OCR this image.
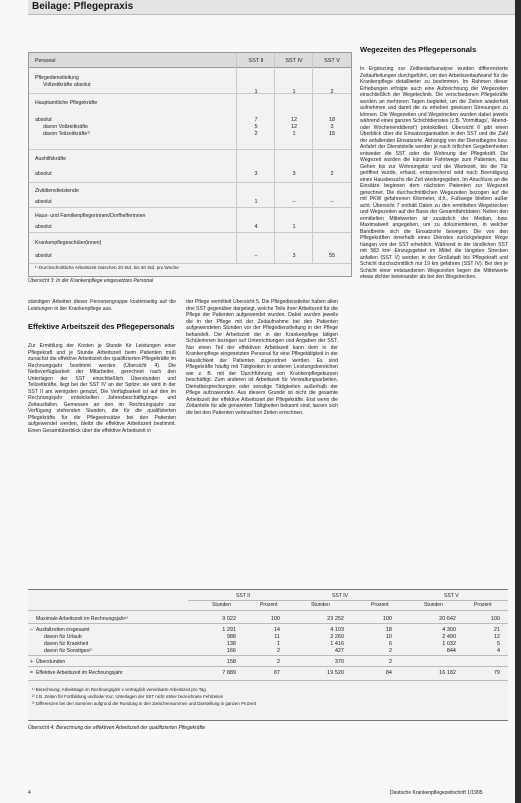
Beilage: Pflegepraxis
Personal	SST II	SST IV	SST V
Pflegedienstleitung
Vollzeitkräfte absolut
1	1	2
Hauptamtliche Pflegekräfte
absolut	7	12	18
davon Vollzeitkräfte	5	12	3
davon Teilzeitkräfte¹⁾	2	1	15
Aushilfskräfte
absolut	3	3	2
Zivildienstleistende
absolut	1	–	–
Haus- und Familienpflegerinnen/Dorfhelferinnen
absolut	4	1
Krankenpflegeschüler(innen)
absolut	–	3	55
¹⁾ Durchschnittliche Arbeitszeit zwischen 20 Std. bis 30 Std. pro Woche
Übersicht 3: In der Krankenpflege eingesetztes Personal

ständigen Arbeiten dieser Personengruppe kostenseitig auf die Leistungen in der Krankenpflege aus.

Effektive Arbeitszeit des Pflegepersonals

Zur Ermittlung der Kosten je Stunde für Leistungen einer Pflegekraft und je Stunde Arbeitszeit beim Patienten muß zunächst die effektive Arbeitszeit der qualifizierten Pflegekräfte im Rechnungsjahr bestimmt werden (Übersicht 4). Die Nettoverfügbarkeit der Mitarbeiter, gerechnet nach den Unterlagen der SST einschließlich Überstunden und Teilzeitkräfte, liegt bei der SST IV an der Spitze; sie wird in der SST II am wenigsten genutzt. Die Verfügbarkeit ist auf den im Rechnungsjahr entwickelten Jahresbeschäftigungs- und Zeitausfallen. Gemessen an den im Rechnungsjahr zur Verfügung stehenden Stunden, die für die qualifizierten Pflegekräfte für die Pflegeeinsätze bei den Patienten aufgewendet werden, bleibt die effektive Arbeitszeit bestimmt. Einen Gesamtüberblick über die effektive Arbeitszeit in

der Pflege vermittelt Übersicht 5. Die Pflegedienstleiter haben allen drei SST gegenüber dargelegt, welche Teile ihrer Arbeitszeit für die Pflege der Patienten aufgewendet wurden. Dabei wurden jeweils die in der Pflege mit der Zeitaufnahme bei den Patienten aufgewendeten Stunden vor der Pflegedienstleitung in der Pflege behandelt. Die Arbeitszeit der in der Krankenpflege tätigen Schülerinnen bezogen auf Unterrichtungen und Angaben der SST. Nur einen Teil der effektiven Arbeitszeit kann dem in der Krankenpflege eingesetzten Personal für eine Pflegetätigkeit in der Häuslichkeit der Patienten zugeordnet werden. Es sind Pflegekräfte häufig mit Tätigkeiten in anderen Leistungsbereichen wie z. B. mit der Durchführung von Krankenpflegekursen beschäftigt. Zum anderen ist Arbeitszeit für Verwaltungsarbeiten, Dienstbesprechungen oder sonstige Tätigkeiten außerhalb der Pflege aufzuwenden. Aus diesem Grunde ist nicht die gesamte Arbeitszeit der effektive Arbeitszeit der Pflegekräfte. Erst wenn die Zeitanteile für alle genannten Tätigkeiten bekannt sind, lassen sich die bei den Patienten verbrachten Zeiten errechnen.

Wegezeiten des Pflegepersonals

In Ergänzung zur Zeitbedarfsanalyse wurden differenzierte Zeitaufteilungen durchgeführt, um den Arbeitszeitaufwand für die Krankenpflege detaillierter zu bestimmen. Im Rahmen dieser Erhebungen erfolgte auch eine Aufzeichnung der Wegezeiten einschließlich der Wegetechnik. Die verschiedenen Pflegekräfte wurden an mehreren Tagen begleitet, um die Zeiten wiederholt aufnehmen und damit die zu erheben gewissen Streuungen zu können. Die Wegezeiten und Wegstrecken wurden dabei jeweils während eines ganzen Schichtdienstes (z.B. 'Vormittags', 'Abend- oder Wochenenddienst') protokolliert. Übersicht 6 gibt einen Überblick über die Einsatzorganisation in den SST und die Zahl der anfallenden Einsatzorte. Abhängig von der Dienstbeginn bzw. Anfahrt der Dienststelle werden je nach örtlichen Gegebenheiten entweder die SST oder die Wohnung der Pflegekräft. Die Wegezeit wurden die kürzeste Fahrtwege zum Patienten, das Gehen bis zur Wohnungstür und die Wartezeit, bis die Tür geöffnet wurde, erfasst, entsprechend wird nach Beendigung eines Hausbesuchs die Zeit wiedergegeben. Im Anschluss an die Einsätze beginnen dem nächsten Patienten zur Wegezeit gerechnet. Die durchschnittlichen Wegezeiten bezogen auf die mit PKW gefahrenen Kilometer, d.h., Fußwege blieben außer acht. Übersicht 7 enthält Daten zu den ermittelten Wegstrecken und Wegezeiten auf der Basis der Gesamtfahrtdaten. Neben den ermittelten Mittelwerten ist zusätzlich der Median, bzw. Maximalwert angegeben, um zu dokumentieren, in welcher Bandbreite sich die Einsatzorte bewegen. Die von den Pflegekräften innerhalb eines Dienstes zurückgelegten Wege hängen von der SST erheblich. Während in der ländlichen SST mit 583 km² Einzugsgebiet im Mittel die längsten Strecken anfallen (SST V) werden in der Großstadt bis Pflegekraft und Schicht durchschnittlich nur 19 km gefahren (SST IV). Bei den je Schicht einer entstandenen Wegezeiten liegen die Mittelwerte etwas dichter beieinander als bei den Wegstrecken.

SST II	SST IV	SST V
Stunden	Prozent	Stunden	Prozent	Stunden	Prozent
Maximale Arbeitszeit im Rechnungsjahr¹⁾	9 022	100	23 252	100	20 642	100
– Ausfallzeiten insgesamt	1 291	14	4 103	18	4 300	21
davon für Urlaub	988	11	2 260	10	2 490	12
davon für Krankheit	138	1	1 416	6	1 032	5
davon für Sonstiges²⁾	166	2	427	2	844	4
+ Überstunden	158	2	370	2
= Effektive Arbeitszeit im Rechnungsjahr	7 889	87	19 520	84	16 182	79
¹⁾ Berechnung: Arbeitstage im Rechnungsjahr x vertraglich vereinbarte Arbeitszeit pro Tag
²⁾ z.B. Zeiten für Fortbildung und/oder Kur; Unterlagen der SST nicht näher bezeichnete Fehlzeiten
³⁾ Differenzen bei den Summen aufgrund der Rundung in den Zwischensummen und Darstellung in ganzen Prozent
Übersicht 4: Berechnung der effektiven Arbeitszeit der qualifizierten Pflegekräfte
4	Deutsche Krankenpflegezeitschrift 1/1995
